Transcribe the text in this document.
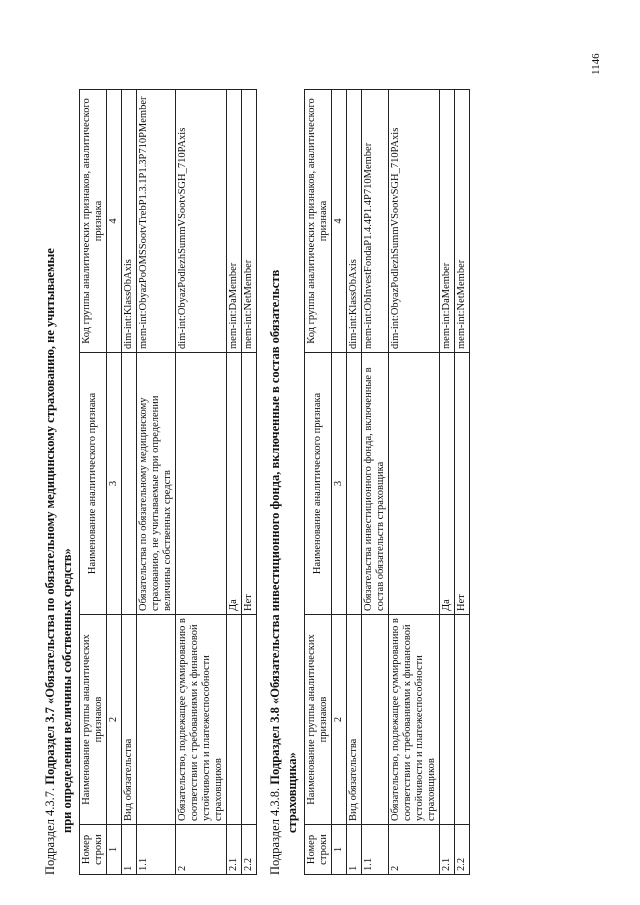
Подраздел 4.3.7. Подраздел 3.7 «Обязательства по обязательному медицинскому страхованию, не учитываемые при определении величины собственных средств»
Номер строки	Наименование группы аналитических признаков	Наименование аналитического признака	Код группы аналитических признаков, аналитического признака
1	2	3	4
1	Вид обязательства		dim-int:KlassObAxis
1.1		Обязательства по обязательному медицинскому страхованию, не учитываемые при определении величины собственных средств	mem-int:ObyazPoOMSSootvTrebP1.3.1P1.3P710PMember
2	Обязательство, подлежащее суммированию в соответствии с требованиями к финансовой устойчивости и платежеспособности страховщиков		dim-int:ObyazPodlezhSummVSootvSGH_710PAxis
2.1		Да	mem-int:DaMember
2.2		Нет	mem-int:NetMember
Подраздел 4.3.8. Подраздел 3.8 «Обязательства инвестиционного фонда, включенные в состав обязательств
страховщика»
Номер строки	Наименование группы аналитических признаков	Наименование аналитического признака	Код группы аналитических признаков, аналитического признака
1	2	3	4
1	Вид обязательства		dim-int:KlassObAxis
1.1		Обязательства инвестиционного фонда, включенные в состав обязательств страховщика	mem-int:ObInvestFondaP1.4.4P1.4P710Member
2	Обязательство, подлежащее суммированию в соответствии с требованиями к финансовой устойчивости и платежеспособности страховщиков		dim-int:ObyazPodlezhSummVSootvSGH_710PAxis
2.1		Да	mem-int:DaMember
2.2		Нет	mem-int:NetMember
1146
